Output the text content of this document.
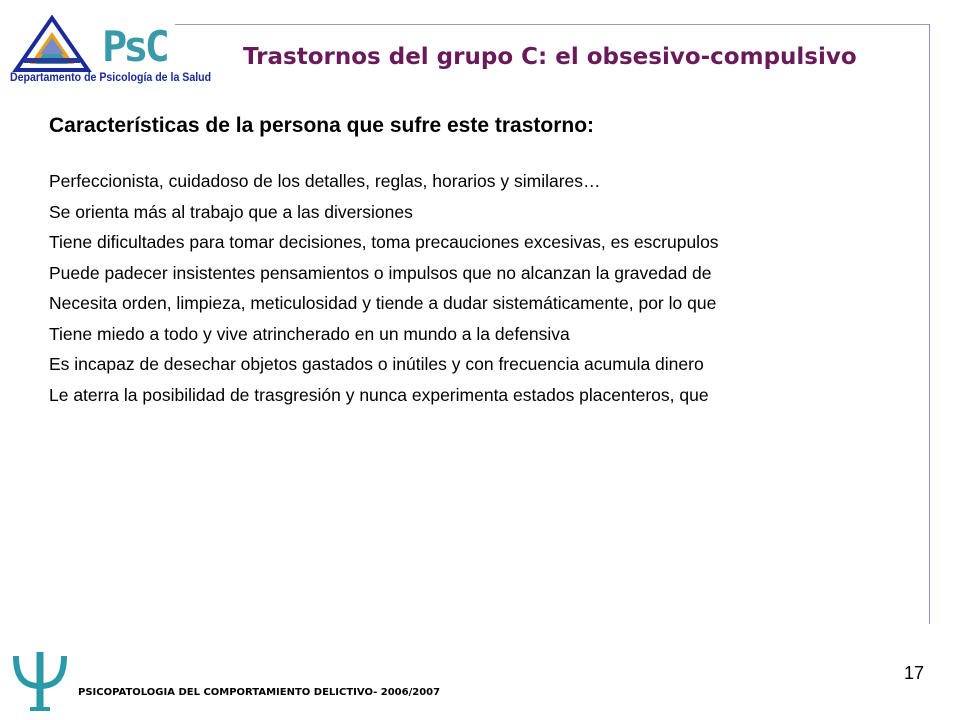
PsC
Departamento de Psicología de la Salud
Trastornos del grupo C: el obsesivo-compulsivo
Características de la persona que sufre este trastorno:
Perfeccionista, cuidadoso de los detalles, reglas, horarios y similares…
Se orienta más al trabajo que a las diversiones
Tiene dificultades para tomar decisiones, toma precauciones excesivas, es escrupulos
Puede padecer insistentes pensamientos o impulsos que no alcanzan la gravedad de
Necesita orden, limpieza, meticulosidad y tiende a dudar sistemáticamente, por lo que
Tiene miedo a todo y vive atrincherado en un mundo a la defensiva
Es incapaz de desechar objetos gastados o inútiles y con frecuencia acumula dinero
Le aterra la posibilidad de trasgresión y nunca experimenta estados placenteros, que
PSICOPATOLOGIA DEL COMPORTAMIENTO DELICTIVO- 2006/2007
17
